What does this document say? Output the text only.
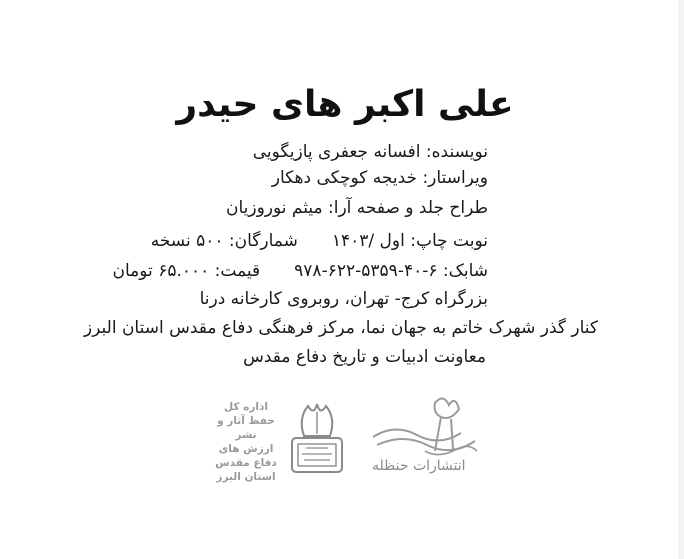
علی اکبر های حیدر
نویسنده: افسانه جعفری پازیگویی
ویراستار: خدیجه کوچکی دهکار
طراح جلد و صفحه آرا: میثم نوروزیان
نوبت چاپ: اول /۱۴۰۳شمارگان: ۵۰۰ نسخه
شابک: ۶-۴۰-۵۳۵۹-۶۲۲-۹۷۸قیمت: ۶۵.۰۰۰ تومان
بزرگراه کرج- تهران، روبروی کارخانه درنا
کنار گذر شهرک خاتم به جهان نما، مرکز فرهنگی دفاع مقدس استان البرز
معاونت ادبیات و تاریخ دفاع مقدس
انتشارات حنظله
اداره کل
حفظ آثار و نشر
ارزش های
دفاع مقدس
استان البرز
